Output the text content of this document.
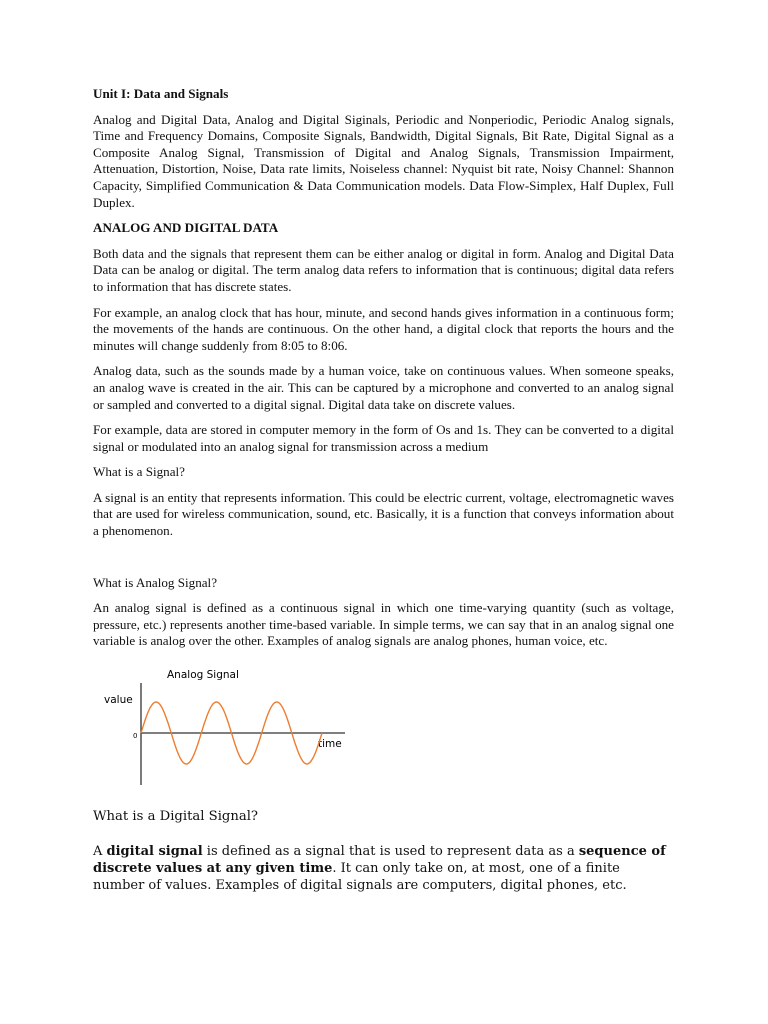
Unit I: Data and Signals

Analog and Digital Data, Analog and Digital Siginals, Periodic and Nonperiodic, Periodic Analog signals, Time and Frequency Domains, Composite Signals, Bandwidth, Digital Signals, Bit Rate, Digital Signal as a Composite Analog Signal, Transmission of Digital and Analog Signals, Transmission Impairment, Attenuation, Distortion, Noise, Data rate limits, Noiseless channel: Nyquist bit rate, Noisy Channel: Shannon Capacity, Simplified Communication & Data Communication models. Data Flow-Simplex, Half Duplex, Full Duplex.

ANALOG AND DIGITAL DATA

Both data and the signals that represent them can be either analog or digital in form. Analog and Digital Data Data can be analog or digital. The term analog data refers to information that is continuous; digital data refers to information that has discrete states.

For example, an analog clock that has hour, minute, and second hands gives information in a continuous form; the movements of the hands are continuous. On the other hand, a digital clock that reports the hours and the minutes will change suddenly from 8:05 to 8:06.

Analog data, such as the sounds made by a human voice, take on continuous values. When someone speaks, an analog wave is created in the air. This can be captured by a microphone and converted to an analog signal or sampled and converted to a digital signal. Digital data take on discrete values.

For example, data are stored in computer memory in the form of Os and 1s. They can be converted to a digital signal or modulated into an analog signal for transmission across a medium

What is a Signal?

A signal is an entity that represents information. This could be electric current, voltage, electromagnetic waves that are used for wireless communication, sound, etc. Basically, it is a function that conveys information about a phenomenon.

What is Analog Signal?

An analog signal is defined as a continuous signal in which one time-varying quantity (such as voltage, pressure, etc.) represents another time-based variable. In simple terms, we can say that in an analog signal one variable is analog over the other. Examples of analog signals are analog phones, human voice, etc.

Analog Signal
value
0
time

What is a Digital Signal?

A digital signal is defined as a signal that is used to represent data as a sequence of discrete values at any given time. It can only take on, at most, one of a finite number of values. Examples of digital signals are computers, digital phones, etc.
